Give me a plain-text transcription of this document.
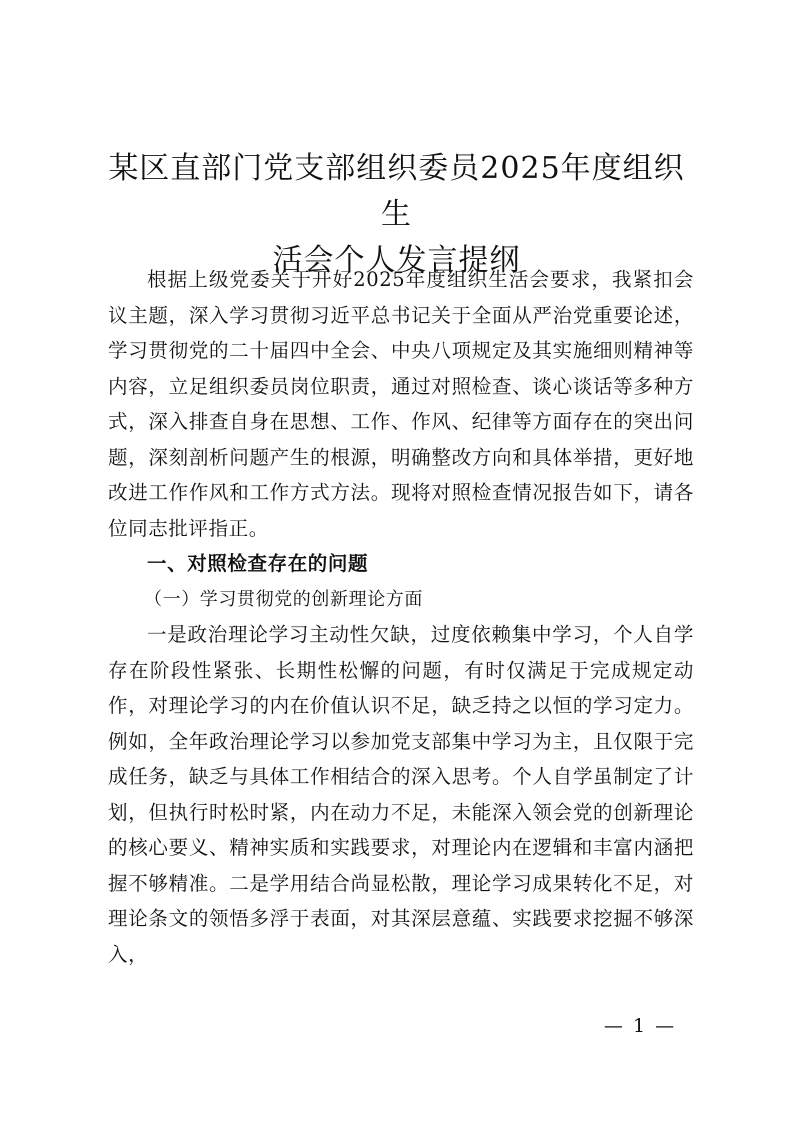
某区直部门党支部组织委员2025年度组织生
活会个人发言提纲

根据上级党委关于开好2025年度组织生活会要求，我紧扣会议主题，深入学习贯彻习近平总书记关于全面从严治党重要论述，学习贯彻党的二十届四中全会、中央八项规定及其实施细则精神等内容，立足组织委员岗位职责，通过对照检查、谈心谈话等多种方式，深入排查自身在思想、工作、作风、纪律等方面存在的突出问题，深刻剖析问题产生的根源，明确整改方向和具体举措，更好地改进工作作风和工作方式方法。现将对照检查情况报告如下，请各位同志批评指正。

一、对照检查存在的问题

（一）学习贯彻党的创新理论方面

一是政治理论学习主动性欠缺，过度依赖集中学习，个人自学存在阶段性紧张、长期性松懈的问题，有时仅满足于完成规定动作，对理论学习的内在价值认识不足，缺乏持之以恒的学习定力。例如，全年政治理论学习以参加党支部集中学习为主，且仅限于完成任务，缺乏与具体工作相结合的深入思考。个人自学虽制定了计划，但执行时松时紧，内在动力不足，未能深入领会党的创新理论的核心要义、精神实质和实践要求，对理论内在逻辑和丰富内涵把握不够精准。二是学用结合尚显松散，理论学习成果转化不足，对理论条文的领悟多浮于表面，对其深层意蕴、实践要求挖掘不够深入，

— 1 —
